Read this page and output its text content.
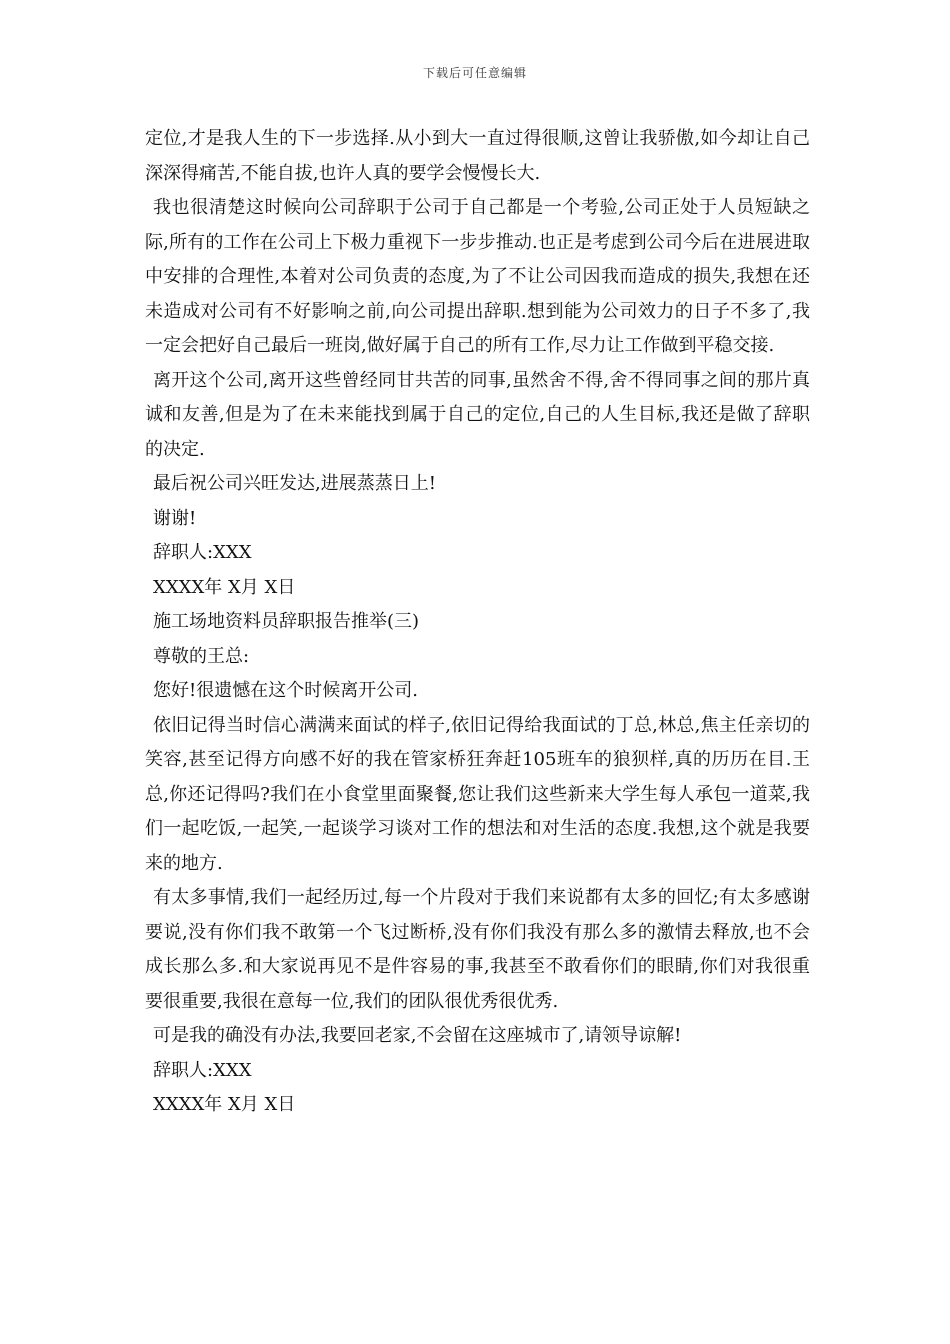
下载后可任意编辑

定位,才是我人生的下一步选择.从小到大一直过得很顺,这曾让我骄傲,如今却让自己深深得痛苦,不能自拔,也许人真的要学会慢慢长大.

我也很清楚这时候向公司辞职于公司于自己都是一个考验,公司正处于人员短缺之际,所有的工作在公司上下极力重视下一步步推动.也正是考虑到公司今后在进展进取中安排的合理性,本着对公司负责的态度,为了不让公司因我而造成的损失,我想在还未造成对公司有不好影响之前,向公司提出辞职.想到能为公司效力的日子不多了,我一定会把好自己最后一班岗,做好属于自己的所有工作,尽力让工作做到平稳交接.

离开这个公司,离开这些曾经同甘共苦的同事,虽然舍不得,舍不得同事之间的那片真诚和友善,但是为了在未来能找到属于自己的定位,自己的人生目标,我还是做了辞职的决定.

最后祝公司兴旺发达,进展蒸蒸日上!

谢谢!

辞职人:XXX

XXXX年 X月 X日

施工场地资料员辞职报告推举(三)

尊敬的王总:

您好!很遗憾在这个时候离开公司.

依旧记得当时信心满满来面试的样子,依旧记得给我面试的丁总,林总,焦主任亲切的笑容,甚至记得方向感不好的我在管家桥狂奔赶105班车的狼狈样,真的历历在目.王总,你还记得吗?我们在小食堂里面聚餐,您让我们这些新来大学生每人承包一道菜,我们一起吃饭,一起笑,一起谈学习谈对工作的想法和对生活的态度.我想,这个就是我要来的地方.

有太多事情,我们一起经历过,每一个片段对于我们来说都有太多的回忆;有太多感谢要说,没有你们我不敢第一个飞过断桥,没有你们我没有那么多的激情去释放,也不会成长那么多.和大家说再见不是件容易的事,我甚至不敢看你们的眼睛,你们对我很重要很重要,我很在意每一位,我们的团队很优秀很优秀.

可是我的确没有办法,我要回老家,不会留在这座城市了,请领导谅解!

辞职人:XXX

XXXX年 X月 X日
